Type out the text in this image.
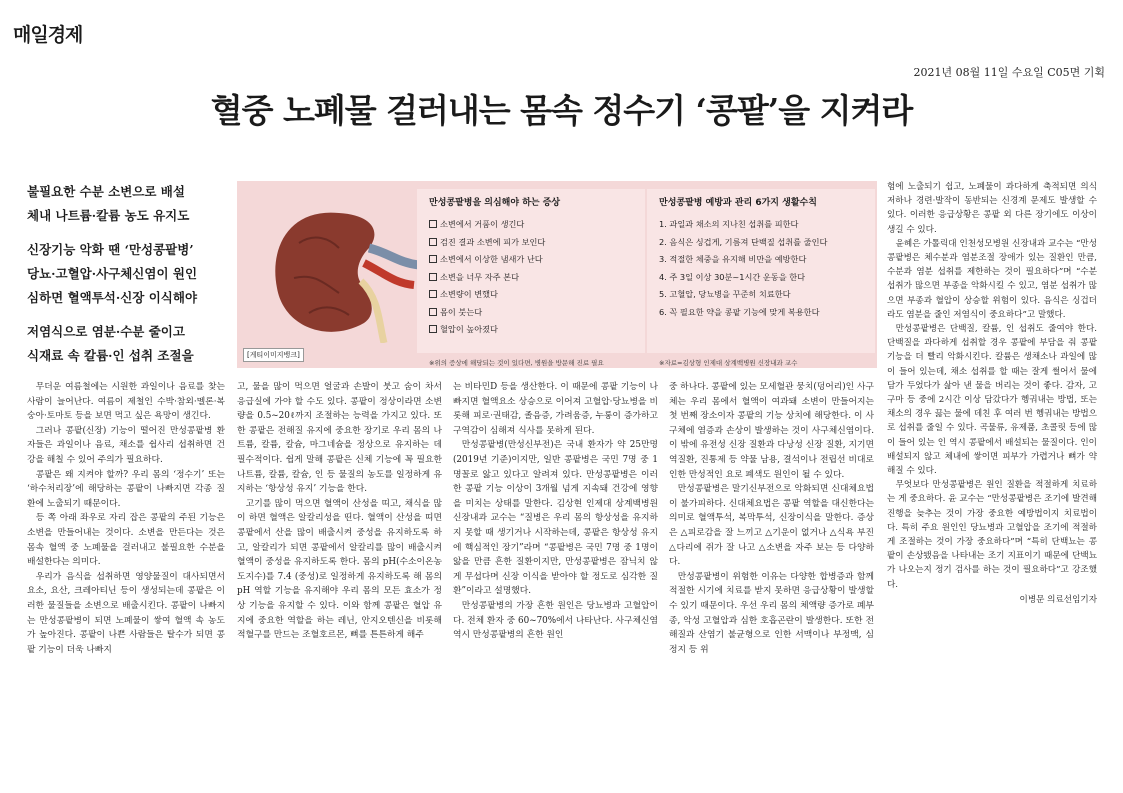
매일경제
2021년 08월 11일 수요일 C05면 기획
혈중 노폐물 걸러내는 몸속 정수기 ‘콩팥’을 지켜라
불필요한 수분 소변으로 배설
체내 나트륨·칼륨 농도 유지도
신장기능 악화 땐 ‘만성콩팥병’
당뇨·고혈압·사구체신염이 원인
심하면 혈액투석·신장 이식해야
저염식으로 염분·수분 줄이고
식재료 속 칼륨·인 섭취 조절을	[게티이미지뱅크]
만성콩팥병을 의심해야 하는 증상
소변에서 거품이 생긴다
검진 결과 소변에 피가 보인다
소변에서 이상한 냄새가 난다
소변을 너무 자주 본다
소변량이 변했다
몸이 붓는다
혈압이 높아졌다
※위의 증상에 해당되는 것이 있다면, 병원을 방문해 진료 필요
만성콩팥병 예방과 관리 6가지 생활수칙
1. 과일과 채소의 지나친 섭취를 피한다
2. 음식은 싱겁게, 기름져 단백질 섭취를 줄인다
3. 적절한 체중을 유지해 비만을 예방한다
4. 주 3일 이상 30분~1시간 운동을 한다
5. 고혈압, 당뇨병을 꾸준히 치료한다
6. 꼭 필요한 약을 콩팥 기능에 맞게 복용한다
※자료=김상형 인제대 상계백병원 신장내과 교수

무더운 여름철에는 시원한 과일이나 음료를 찾는 사람이 늘어난다. 여름이 제철인 수박·참외·멜론·복숭아·토마토 등을 보면 먹고 싶은 욕망이 생긴다.

그러나 콩팥(신장) 기능이 떨어진 만성콩팥병 환자들은 과일이나 음료, 채소를 쉽사리 섭취하면 건강을 해칠 수 있어 주의가 필요하다.

콩팥은 왜 지켜야 할까? 우리 몸의 ‘정수기’ 또는 ‘하수처리장’에 해당하는 콩팥이 나빠지면 각종 질환에 노출되기 때문이다.

등 쪽 아래 좌우로 자리 잡은 콩팥의 주된 기능은 소변을 만들어내는 것이다. 소변을 만든다는 것은 몸속 혈액 중 노폐물을 걸러내고 불필요한 수분을 배설한다는 의미다.

우리가 음식을 섭취하면 영양물질이 대사되면서 요소, 요산, 크레아티닌 등이 생성되는데 콩팥은 이러한 물질들을 소변으로 배출시킨다. 콩팥이 나빠지는 만성콩팥병이 되면 노폐물이 쌓여 혈액 속 농도가 높아진다. 콩팥이 나쁜 사람들은 탈수가 되면 콩팥 기능이 더욱 나빠지

고, 물을 많이 먹으면 얼굴과 손발이 붓고 숨이 차서 응급실에 가야 할 수도 있다. 콩팥이 정상이라면 소변량을 0.5~20ℓ까지 조절하는 능력을 가지고 있다. 또한 콩팥은 전해질 유지에 중요한 장기로 우리 몸의 나트륨, 칼륨, 칼슘, 마그네슘을 정상으로 유지하는 데 필수적이다. 쉽게 말해 콩팥은 신체 기능에 꼭 필요한 나트륨, 칼륨, 칼슘, 인 등 물질의 농도를 일정하게 유지하는 ‘항상성 유지’ 기능을 한다.

고기를 많이 먹으면 혈액이 산성을 띠고, 채식을 많이 하면 혈액은 알칼리성을 띤다. 혈액이 산성을 띠면 콩팥에서 산을 많이 배출시켜 중성을 유지하도록 하고, 알칼리가 되면 콩팥에서 알칼리를 많이 배출시켜 혈액이 중성을 유지하도록 한다. 몸의 pH(수소이온농도지수)를 7.4 (중성)로 일정하게 유지하도록 해 몸의 pH 역할 기능을 유지해야 우리 몸의 모든 효소가 정상 기능을 유지할 수 있다. 이와 함께 콩팥은 혈압 유지에 중요한 역할을 하는 레닌, 안지오텐신을 비롯해 적혈구를 만드는 조혈호르몬, 뼈를 튼튼하게 해주

는 비타민D 등을 생산한다. 이 때문에 콩팥 기능이 나빠지면 혈액요소 상승으로 이어져 고혈압·당뇨병을 비롯해 피로·권태감, 졸음증, 가려움증, 누룽이 증가하고 구역감이 심해져 식사를 못하게 된다.

만성콩팥병(만성신부전)은 국내 환자가 약 25만명(2019년 기준)이지만, 일반 콩팥병은 국민 7명 중 1명꼴로 앓고 있다고 알려져 있다. 만성콩팥병은 이러한 콩팥 기능 이상이 3개월 넘게 지속돼 건강에 영향을 미치는 상태를 말한다. 김상현 인제대 상계백병원 신장내과 교수는 “질병은 우리 몸의 항상성을 유지하지 못할 때 생기거나 시작하는데, 콩팥은 항상성 유지에 핵심적인 장기”라며 “콩팥병은 국민 7명 중 1명이 앓을 만큼 흔한 질환이지만, 만성콩팥병은 잠닉치 않게 무섭다며 신장 이식을 받아야 할 정도로 심각한 질환”이라고 설명했다.

만성콩팥병의 가장 흔한 원인은 당뇨병과 고혈압이다. 전체 환자 중 60~70%에서 나타난다. 사구체신염 역시 만성콩팥병의 흔한 원인

중 하나다. 콩팥에 있는 모세혈관 뭉치(덩어리)인 사구체는 우리 몸에서 혈액이 여과돼 소변이 만들어지는 첫 번째 장소이자 콩팥의 기능 상치에 해당한다. 이 사구체에 염증과 손상이 발생하는 것이 사구체신염이다. 이 밖에 유전성 신장 질환과 다낭성 신장 질환, 지기면역질환, 진통제 등 약물 남용, 결석이나 전립선 비대로 인한 만성적인 요로 폐색도 원인이 될 수 있다.

만성콩팥병은 말기신부전으로 악화되면 신대체요법이 불가피하다. 신대체요법은 콩팥 역할을 대신한다는 의미로 혈액투석, 복막투석, 신장이식을 말한다. 증상은 △피로감을 잘 느끼고 △기운이 없거나 △식욕 부진 △다리에 쥐가 잘 나고 △소변을 자주 보는 등 다양하다.

만성콩팥병이 위험한 이유는 다양한 합병증과 함께 적절한 시기에 치료를 받지 못하면 응급상황이 발생할 수 있기 때문이다. 우선 우리 몸의 체액량 증가로 폐부종, 악성 고혈압과 심한 호흡곤란이 발생한다. 또한 전해질과 산염기 불균형으로 인한 서맥이나 부정맥, 심정지 등 위

험에 노출되기 쉽고, 노폐물이 과다하게 축적되면 의식 저하나 경련·발작이 동반되는 신경계 문제도 발생할 수 있다. 이러한 응급상황은 콩팥 외 다른 장기에도 이상이 생길 수 있다.

윤혜은 가톨릭대 인천성모병원 신장내과 교수는 “만성콩팥병은 체수분과 염분조절 장애가 있는 질환인 만큼, 수분과 염분 섭취를 제한하는 것이 필요하다”며 “수분 섭취가 많으면 부종을 악화시킬 수 있고, 염분 섭취가 많으면 부종과 혈압이 상승할 위험이 있다. 음식은 싱겁더라도 염분을 줄인 저염식이 중요하다”고 말했다.

만성콩팥병은 단백질, 칼륨, 인 섭취도 줄여야 한다. 단백질을 과다하게 섭취할 경우 콩팥에 부담을 줘 콩팥 기능을 더 빨리 악화시킨다. 칼륨은 생채소나 과일에 많이 들어 있는데, 채소 섭취를 할 때는 잘게 썰어서 물에 담가 두었다가 삶아 낸 물을 버리는 것이 좋다. 감자, 고구마 등 중에 2시간 이상 담갔다가 헹궈내는 방법, 또는 채소의 경우 끓는 물에 데친 후 여러 번 헹궈내는 방법으로 섭취를 줄일 수 있다. 곡물류, 유제품, 초콜릿 등에 많이 들어 있는 인 역시 콩팥에서 배설되는 물질이다. 인이 배설되지 않고 체내에 쌓이면 피부가 가렵거나 뼈가 약해질 수 있다.

무엇보다 만성콩팥병은 원인 질환을 적절하게 치료하는 게 중요하다. 윤 교수는 “만성콩팥병은 조기에 발견해 진행을 늦추는 것이 가장 중요한 예방법이지 치료법이다. 특히 주요 원인인 당뇨병과 고혈압을 조기에 적절하게 조절하는 것이 가장 중요하다”며 “특히 단백뇨는 콩팥이 손상됐음을 나타내는 조기 지표이기 때문에 단백뇨가 나오는지 정기 검사를 하는 것이 필요하다”고 강조했다.

이병문 의료선임기자
